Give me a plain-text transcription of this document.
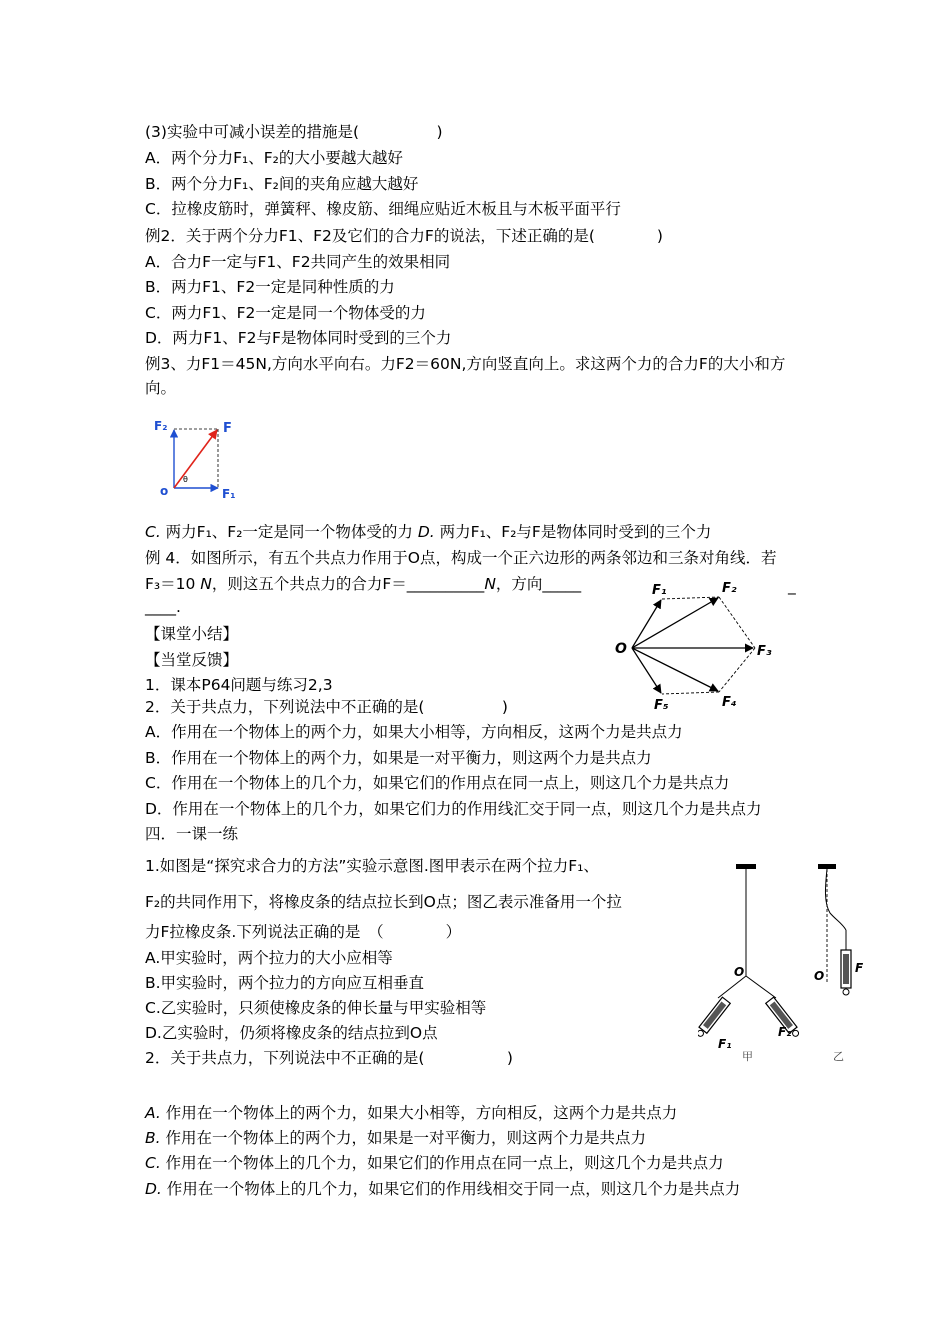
(3)实验中可减小误差的措施是(　　　　　)
A．两个分力F₁、F₂的大小要越大越好
B．两个分力F₁、F₂间的夹角应越大越好
C．拉橡皮筋时，弹簧秤、橡皮筋、细绳应贴近木板且与木板平面平行
例2．关于两个分力F1、F2及它们的合力F的说法，下述正确的是(　　　　)
A．合力F一定与F1、F2共同产生的效果相同
B．两力F1、F2一定是同种性质的力
C．两力F1、F2一定是同一个物体受的力
D．两力F1、F2与F是物体同时受到的三个力
例3、力F1＝45N,方向水平向右。力F2＝60N,方向竖直向上。求这两个力的合力F的大小和方
向。
F₂	F
o
θ
F₁
C. 两力F₁、F₂一定是同一个物体受的力 D. 两力F₁、F₂与F是物体同时受到的三个力
例 4．如图所示，有五个共点力作用于O点，构成一个正六边形的两条邻边和三条对角线．若
F₃＝10 N，则这五个共点力的合力F＝__________N，方向_____	_
____.
O
F₁	F₂
F₃
F₄
F₅
【课堂小结】
【当堂反馈】
1．课本P64问题与练习2,3
2．关于共点力，下列说法中不正确的是(　　　　　)
A．作用在一个物体上的两个力，如果大小相等，方向相反，这两个力是共点力
B．作用在一个物体上的两个力，如果是一对平衡力，则这两个力是共点力
C．作用在一个物体上的几个力，如果它们的作用点在同一点上，则这几个力是共点力
D．作用在一个物体上的几个力，如果它们力的作用线汇交于同一点，则这几个力是共点力
四．一课一练
1.如图是“探究求合力的方法”实验示意图.图甲表示在两个拉力F₁、
F₂的共同作用下，将橡皮条的结点拉长到O点；图乙表示准备用一个拉
力F拉橡皮条.下列说法正确的是　（　　　　）
A.甲实验时，两个拉力的大小应相等
B.甲实验时，两个拉力的方向应互相垂直
C.乙实验时，只须使橡皮条的伸长量与甲实验相等
D.乙实验时，仍须将橡皮条的结点拉到O点
2．关于共点力，下列说法中不正确的是(　　　　　 )
O
F₁
F₂
甲
O
F
乙
A. 作用在一个物体上的两个力，如果大小相等，方向相反，这两个力是共点力
B. 作用在一个物体上的两个力，如果是一对平衡力，则这两个力是共点力
C. 作用在一个物体上的几个力，如果它们的作用点在同一点上，则这几个力是共点力
D. 作用在一个物体上的几个力，如果它们的作用线相交于同一点，则这几个力是共点力
